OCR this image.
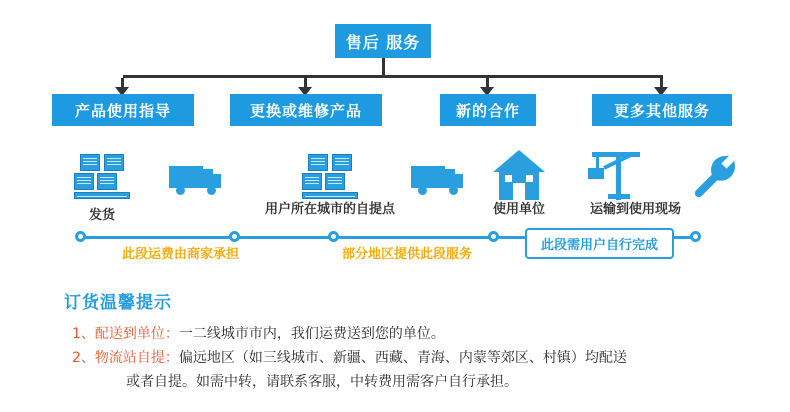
售后 服务
产品使用指导	更换或维修产品	新的合作	更多其他服务
发货	用户所在城市的自提点	使用单位	运输到使用现场
此段运费由商家承担	部分地区提供此段服务
此段需用户自行完成
订货温馨提示
1、 配送到单位： 一二线城市市内，我们运费送到您的单位。
2、 物流站自提： 偏远地区（如三线城市、新疆、西藏、青海、内蒙等郊区、村镇）均配送
或者自提。如需中转，请联系客服，中转费用需客户自行承担。
